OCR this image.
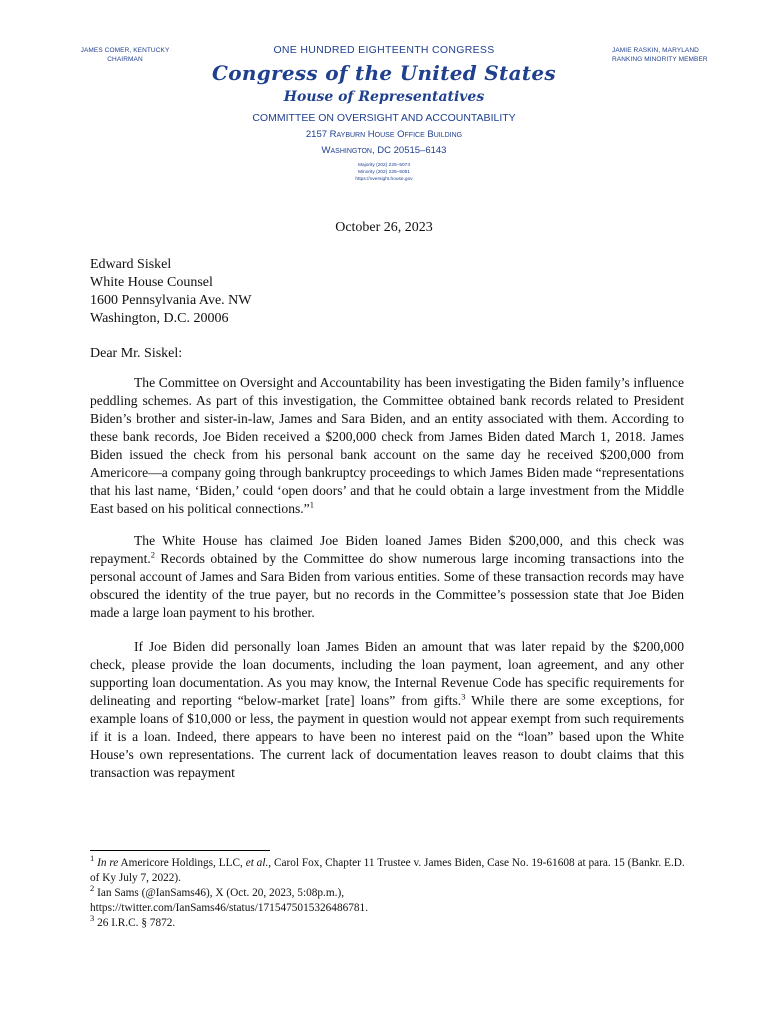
JAMES COMER, KENTUCKY
CHAIRMAN
JAMIE RASKIN, MARYLAND
RANKING MINORITY MEMBER
ONE HUNDRED EIGHTEENTH CONGRESS
Congress of the United States
House of Representatives
COMMITTEE ON OVERSIGHT AND ACCOUNTABILITY
2157 Rayburn House Office Building
Washington, DC 20515–6143
Majority (202) 225–5074
Minority (202) 225–5051
https://oversight.house.gov
October 26, 2023
Edward Siskel
White House Counsel
1600 Pennsylvania Ave. NW
Washington, D.C. 20006
Dear Mr. Siskel:

The Committee on Oversight and Accountability has been investigating the Biden family’s influence peddling schemes. As part of this investigation, the Committee obtained bank records related to President Biden’s brother and sister-in-law, James and Sara Biden, and an entity associated with them. According to these bank records, Joe Biden received a $200,000 check from James Biden dated March 1, 2018. James Biden issued the check from his personal bank account on the same day he received $200,000 from Americore—a company going through bankruptcy proceedings to which James Biden made “representations that his last name, ‘Biden,’ could ‘open doors’ and that he could obtain a large investment from the Middle East based on his political connections.”$^1$

The White House has claimed Joe Biden loaned James Biden $200,000, and this check was repayment.$^2$ Records obtained by the Committee do show numerous large incoming transactions into the personal account of James and Sara Biden from various entities. Some of these transaction records may have obscured the identity of the true payer, but no records in the Committee’s possession state that Joe Biden made a large loan payment to his brother.

If Joe Biden did personally loan James Biden an amount that was later repaid by the $200,000 check, please provide the loan documents, including the loan payment, loan agreement, and any other supporting loan documentation. As you may know, the Internal Revenue Code has specific requirements for delineating and reporting “below-market [rate] loans” from gifts.$^3$ While there are some exceptions, for example loans of $10,000 or less, the payment in question would not appear exempt from such requirements if it is a loan. Indeed, there appears to have been no interest paid on the “loan” based upon the White House’s own representations. The current lack of documentation leaves reason to doubt claims that this transaction was repayment

$^1$ In re Americore Holdings, LLC, et al., Carol Fox, Chapter 11 Trustee v. James Biden, Case No. 19-61608 at para. 15 (Bankr. E.D. of Ky July 7, 2022).
$^2$ Ian Sams (@IanSams46), X (Oct. 20, 2023, 5:08p.m.),
https://twitter.com/IanSams46/status/1715475015326486781.
$^3$ 26 I.R.C. § 7872.
